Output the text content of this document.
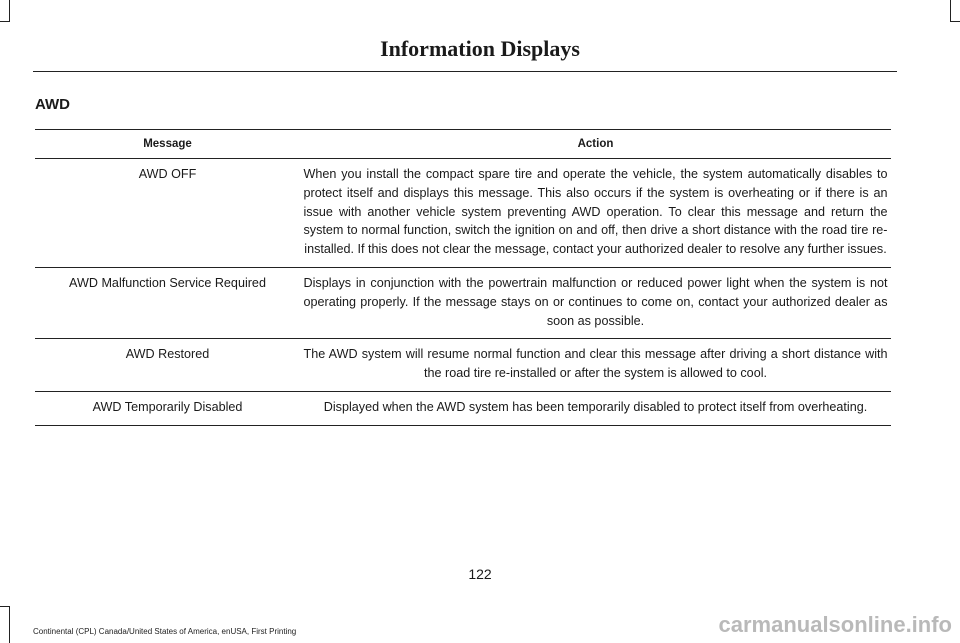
Information Displays
AWD
Message	Action
AWD OFF	When you install the compact spare tire and operate the vehicle, the system automatically disables to protect itself and displays this message. This also occurs if the system is overheating or if there is an issue with another vehicle system preventing AWD operation. To clear this message and return the system to normal function, switch the ignition on and off, then drive a short distance with the road tire re-installed. If this does not clear the message, contact your authorized dealer to resolve any further issues.
AWD Malfunction Service Required	Displays in conjunction with the powertrain malfunction or reduced power light when the system is not operating properly. If the message stays on or continues to come on, contact your authorized dealer as soon as possible.
AWD Restored	The AWD system will resume normal function and clear this message after driving a short distance with the road tire re-installed or after the system is allowed to cool.
AWD Temporarily Disabled	Displayed when the AWD system has been temporarily disabled to protect itself from overheating.
122
Continental (CPL) Canada/United States of America, enUSA, First Printing	carmanualsonline.info
